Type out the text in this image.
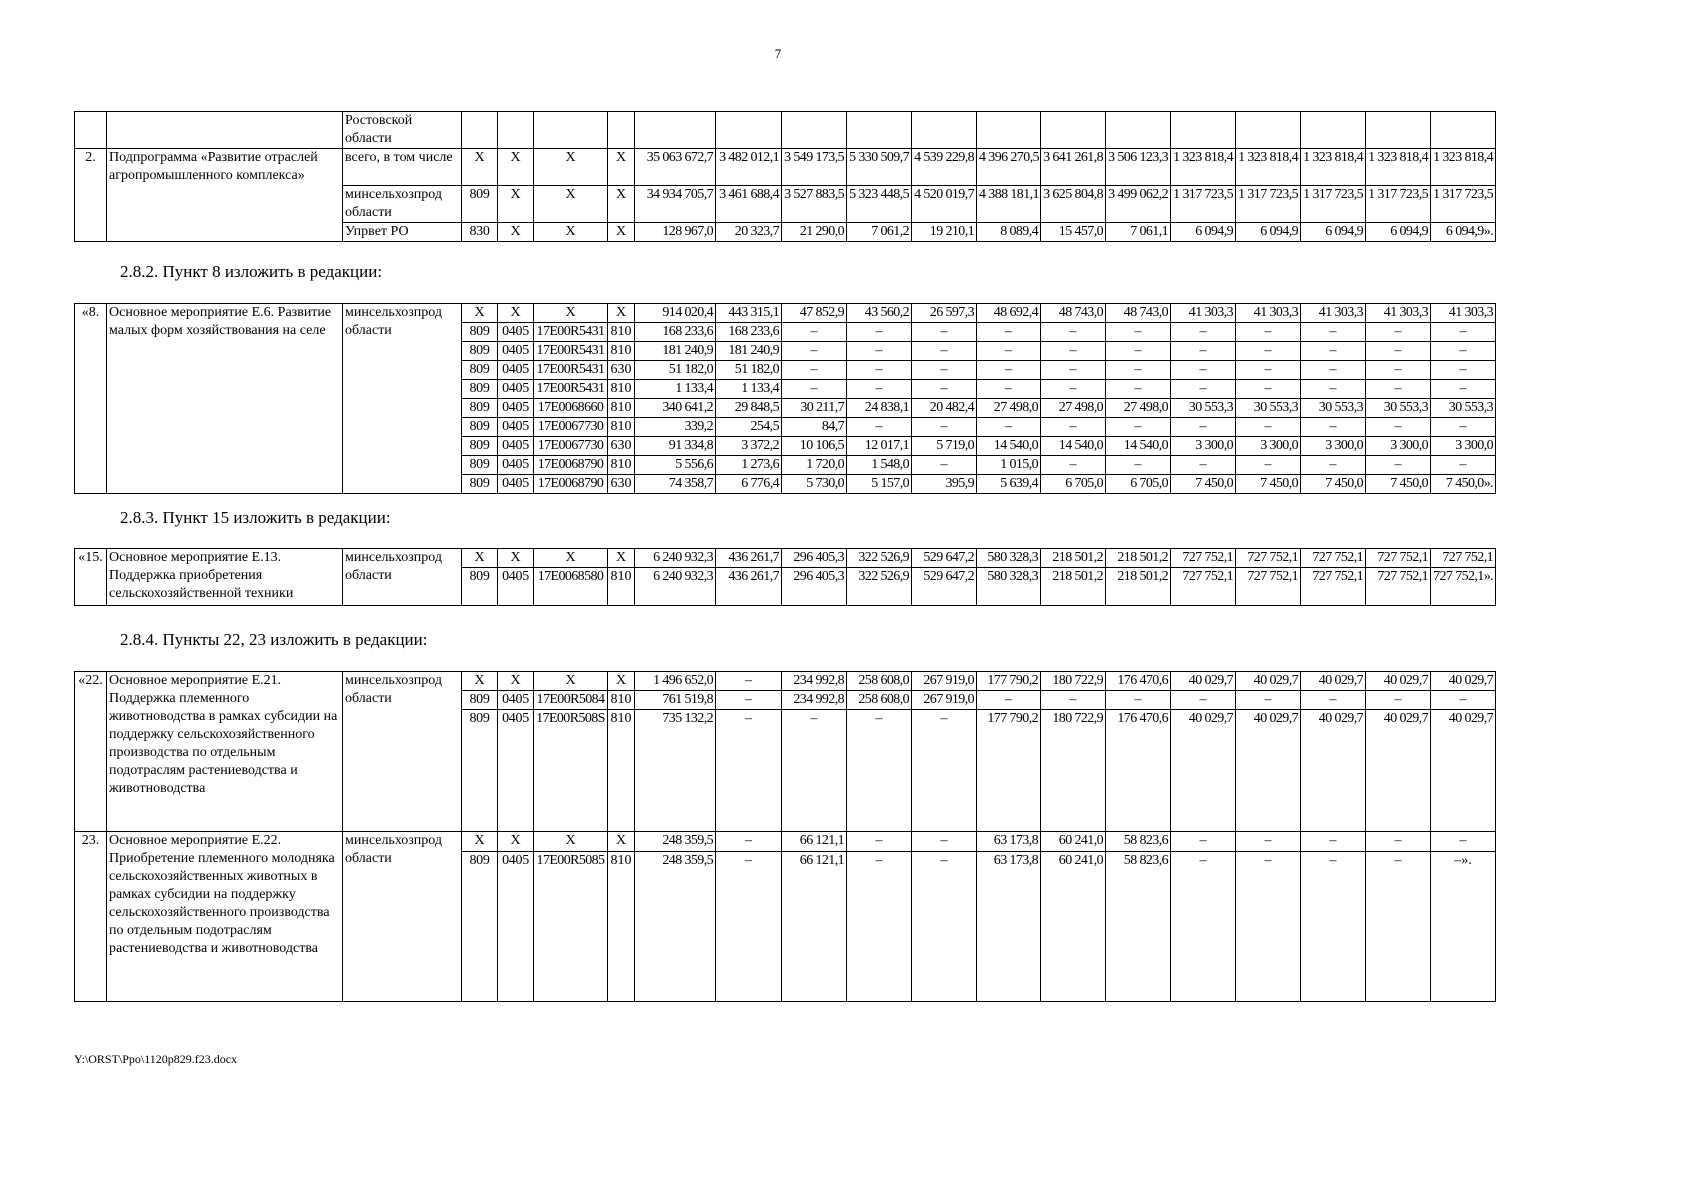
7
		Ростовской области																	
2.	Подпрограмма «Развитие отраслей агропромышленного комплекса»	всего, в том числе	X	X	X	X	35 063 672,7	3 482 012,1	3 549 173,5	5 330 509,7	4 539 229,8	4 396 270,5	3 641 261,8	3 506 123,3	1 323 818,4	1 323 818,4	1 323 818,4	1 323 818,4	1 323 818,4
		минсельхозпрод области	809	X	X	X	34 934 705,7	3 461 688,4	3 527 883,5	5 323 448,5	4 520 019,7	4 388 181,1	3 625 804,8	3 499 062,2	1 317 723,5	1 317 723,5	1 317 723,5	1 317 723,5	1 317 723,5
		Упрвет РО	830	X	X	X	128 967,0	20 323,7	21 290,0	7 061,2	19 210,1	8 089,4	15 457,0	7 061,1	6 094,9	6 094,9	6 094,9	6 094,9	6 094,9».
2.8.2. Пункт 8 изложить в редакции:
«8.	Основное мероприятие Е.6. Развитие малых форм хозяйствования на селе	минсельхозпрод области	X	X	X	X	914 020,4	443 315,1	47 852,9	43 560,2	26 597,3	48 692,4	48 743,0	48 743,0	41 303,3	41 303,3	41 303,3	41 303,3	41 303,3
			809	0405	17Е00R5431	810	168 233,6	168 233,6	–	–	–	–	–	–	–	–	–	–	–
			809	0405	17Е00R5431	810	181 240,9	181 240,9	–	–	–	–	–	–	–	–	–	–	–
			809	0405	17Е00R5431	630	51 182,0	51 182,0	–	–	–	–	–	–	–	–	–	–	–
			809	0405	17Е00R5431	810	1 133,4	1 133,4	–	–	–	–	–	–	–	–	–	–	–
			809	0405	17Е0068660	810	340 641,2	29 848,5	30 211,7	24 838,1	20 482,4	27 498,0	27 498,0	27 498,0	30 553,3	30 553,3	30 553,3	30 553,3	30 553,3
			809	0405	17Е0067730	810	339,2	254,5	84,7	–	–	–	–	–	–	–	–	–	–
			809	0405	17Е0067730	630	91 334,8	3 372,2	10 106,5	12 017,1	5 719,0	14 540,0	14 540,0	14 540,0	3 300,0	3 300,0	3 300,0	3 300,0	3 300,0
			809	0405	17Е0068790	810	5 556,6	1 273,6	1 720,0	1 548,0	–	1 015,0	–	–	–	–	–	–	–
			809	0405	17Е0068790	630	74 358,7	6 776,4	5 730,0	5 157,0	395,9	5 639,4	6 705,0	6 705,0	7 450,0	7 450,0	7 450,0	7 450,0	7 450,0».
2.8.3. Пункт 15 изложить в редакции:
«15.	Основное мероприятие Е.13. Поддержка приобретения сельскохозяйственной техники	минсельхозпрод области	X	X	X	X	6 240 932,3	436 261,7	296 405,3	322 526,9	529 647,2	580 328,3	218 501,2	218 501,2	727 752,1	727 752,1	727 752,1	727 752,1	727 752,1
			809	0405	17Е0068580	810	6 240 932,3	436 261,7	296 405,3	322 526,9	529 647,2	580 328,3	218 501,2	218 501,2	727 752,1	727 752,1	727 752,1	727 752,1	727 752,1».
2.8.4. Пункты 22, 23 изложить в редакции:
«22.	Основное мероприятие Е.21. Поддержка племенного животноводства в рамках субсидии на поддержку сельскохозяйственного производства по отдельным подотраслям растениеводства и животноводства	минсельхозпрод области	X	X	X	X	1 496 652,0	–	234 992,8	258 608,0	267 919,0	177 790,2	180 722,9	176 470,6	40 029,7	40 029,7	40 029,7	40 029,7	40 029,7
			809	0405	17Е00R5084	810	761 519,8	–	234 992,8	258 608,0	267 919,0	–	–	–	–	–	–	–	–
			809	0405	17Е00R508S	810	735 132,2	–	–	–	–	177 790,2	180 722,9	176 470,6	40 029,7	40 029,7	40 029,7	40 029,7	40 029,7
23.	Основное мероприятие Е.22. Приобретение племенного молодняка сельскохозяйственных животных в рамках субсидии на поддержку сельскохозяйственного производства по отдельным подотраслям растениеводства и животноводства	минсельхозпрод области	X	X	X	X	248 359,5	–	66 121,1	–	–	63 173,8	60 241,0	58 823,6	–	–	–	–	–
			809	0405	17Е00R5085	810	248 359,5	–	66 121,1	–	–	63 173,8	60 241,0	58 823,6	–	–	–	–	–».
Y:\ORST\Ppo\1120p829.f23.docx
